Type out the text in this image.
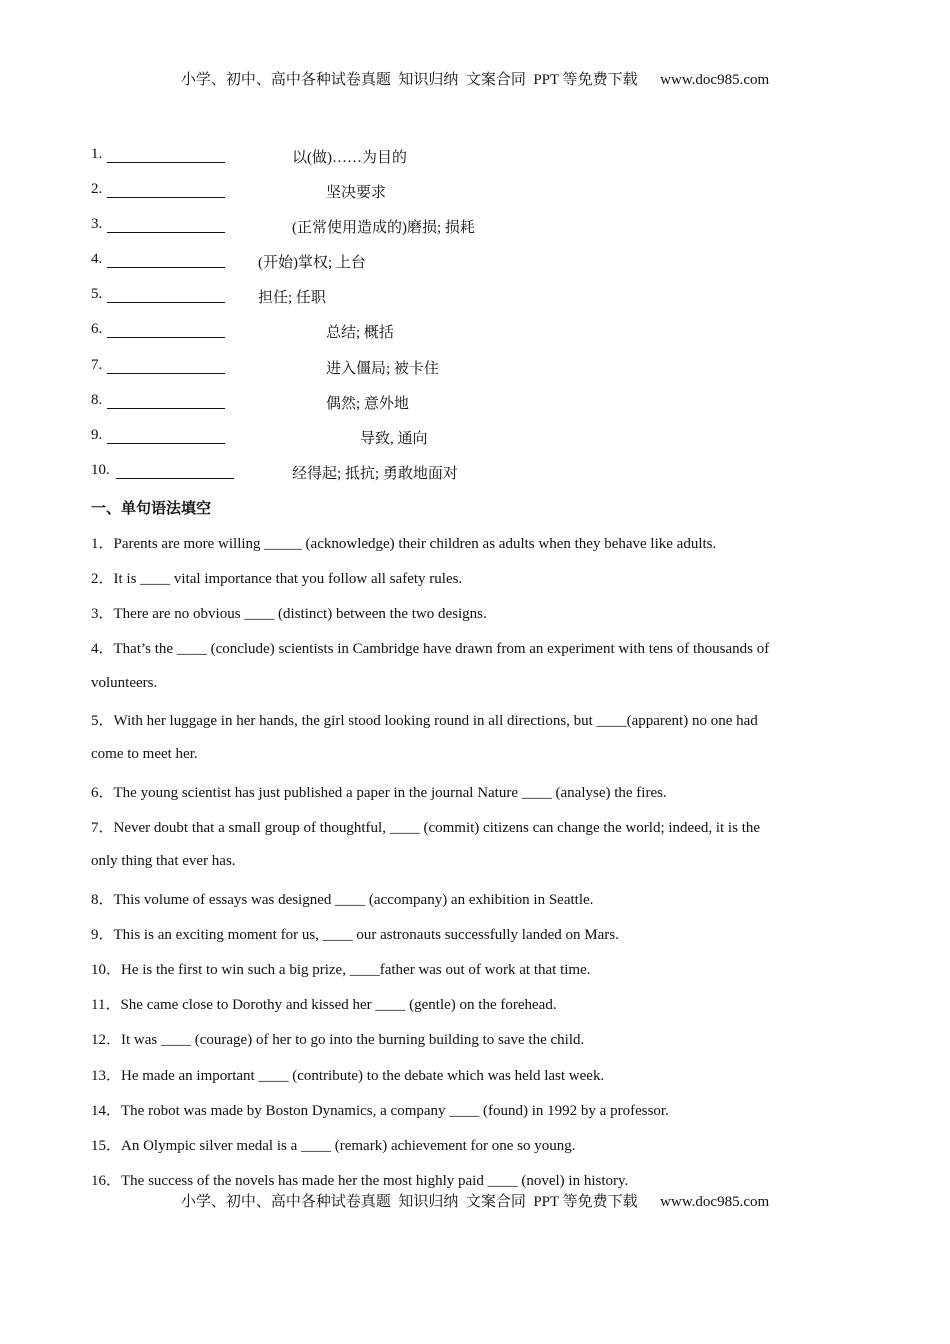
小学、初中、高中各种试卷真题  知识归纳  文案合同  PPT 等免费下载      www.doc985.com
1.	以(做)……为目的
2.	坚决要求
3.	(正常使用造成的)磨损; 损耗
4.	(开始)掌权; 上台
5.	担任; 任职
6.	总结; 概括
7.	进入僵局; 被卡住
8.	偶然; 意外地
9.	导致, 通向
10.	经得起; 抵抗; 勇敢地面对
一、单句语法填空
1．Parents are more willing _____ (acknowledge) their children as adults when they behave like adults.
2．It is ____ vital importance that you follow all safety rules.
3．There are no obvious ____ (distinct) between the two designs.
4．That’s the ____ (conclude) scientists in Cambridge have drawn from an experiment with tens of thousands of
volunteers.
5．With her luggage in her hands, the girl stood looking round in all directions, but ____(apparent) no one had
come to meet her.
6．The young scientist has just published a paper in the journal Nature ____ (analyse) the fires.
7．Never doubt that a small group of thoughtful, ____ (commit) citizens can change the world; indeed, it is the
only thing that ever has.
8．This volume of essays was designed ____ (accompany) an exhibition in Seattle.
9．This is an exciting moment for us, ____ our astronauts successfully landed on Mars.
10．He is the first to win such a big prize, ____father was out of work at that time.
11．She came close to Dorothy and kissed her ____ (gentle) on the forehead.
12．It was ____ (courage) of her to go into the burning building to save the child.
13．He made an important ____ (contribute) to the debate which was held last week.
14．The robot was made by Boston Dynamics, a company ____ (found) in 1992 by a professor.
15．An Olympic silver medal is a ____ (remark) achievement for one so young.
16．The success of the novels has made her the most highly paid ____ (novel) in history.
小学、初中、高中各种试卷真题  知识归纳  文案合同  PPT 等免费下载      www.doc985.com
